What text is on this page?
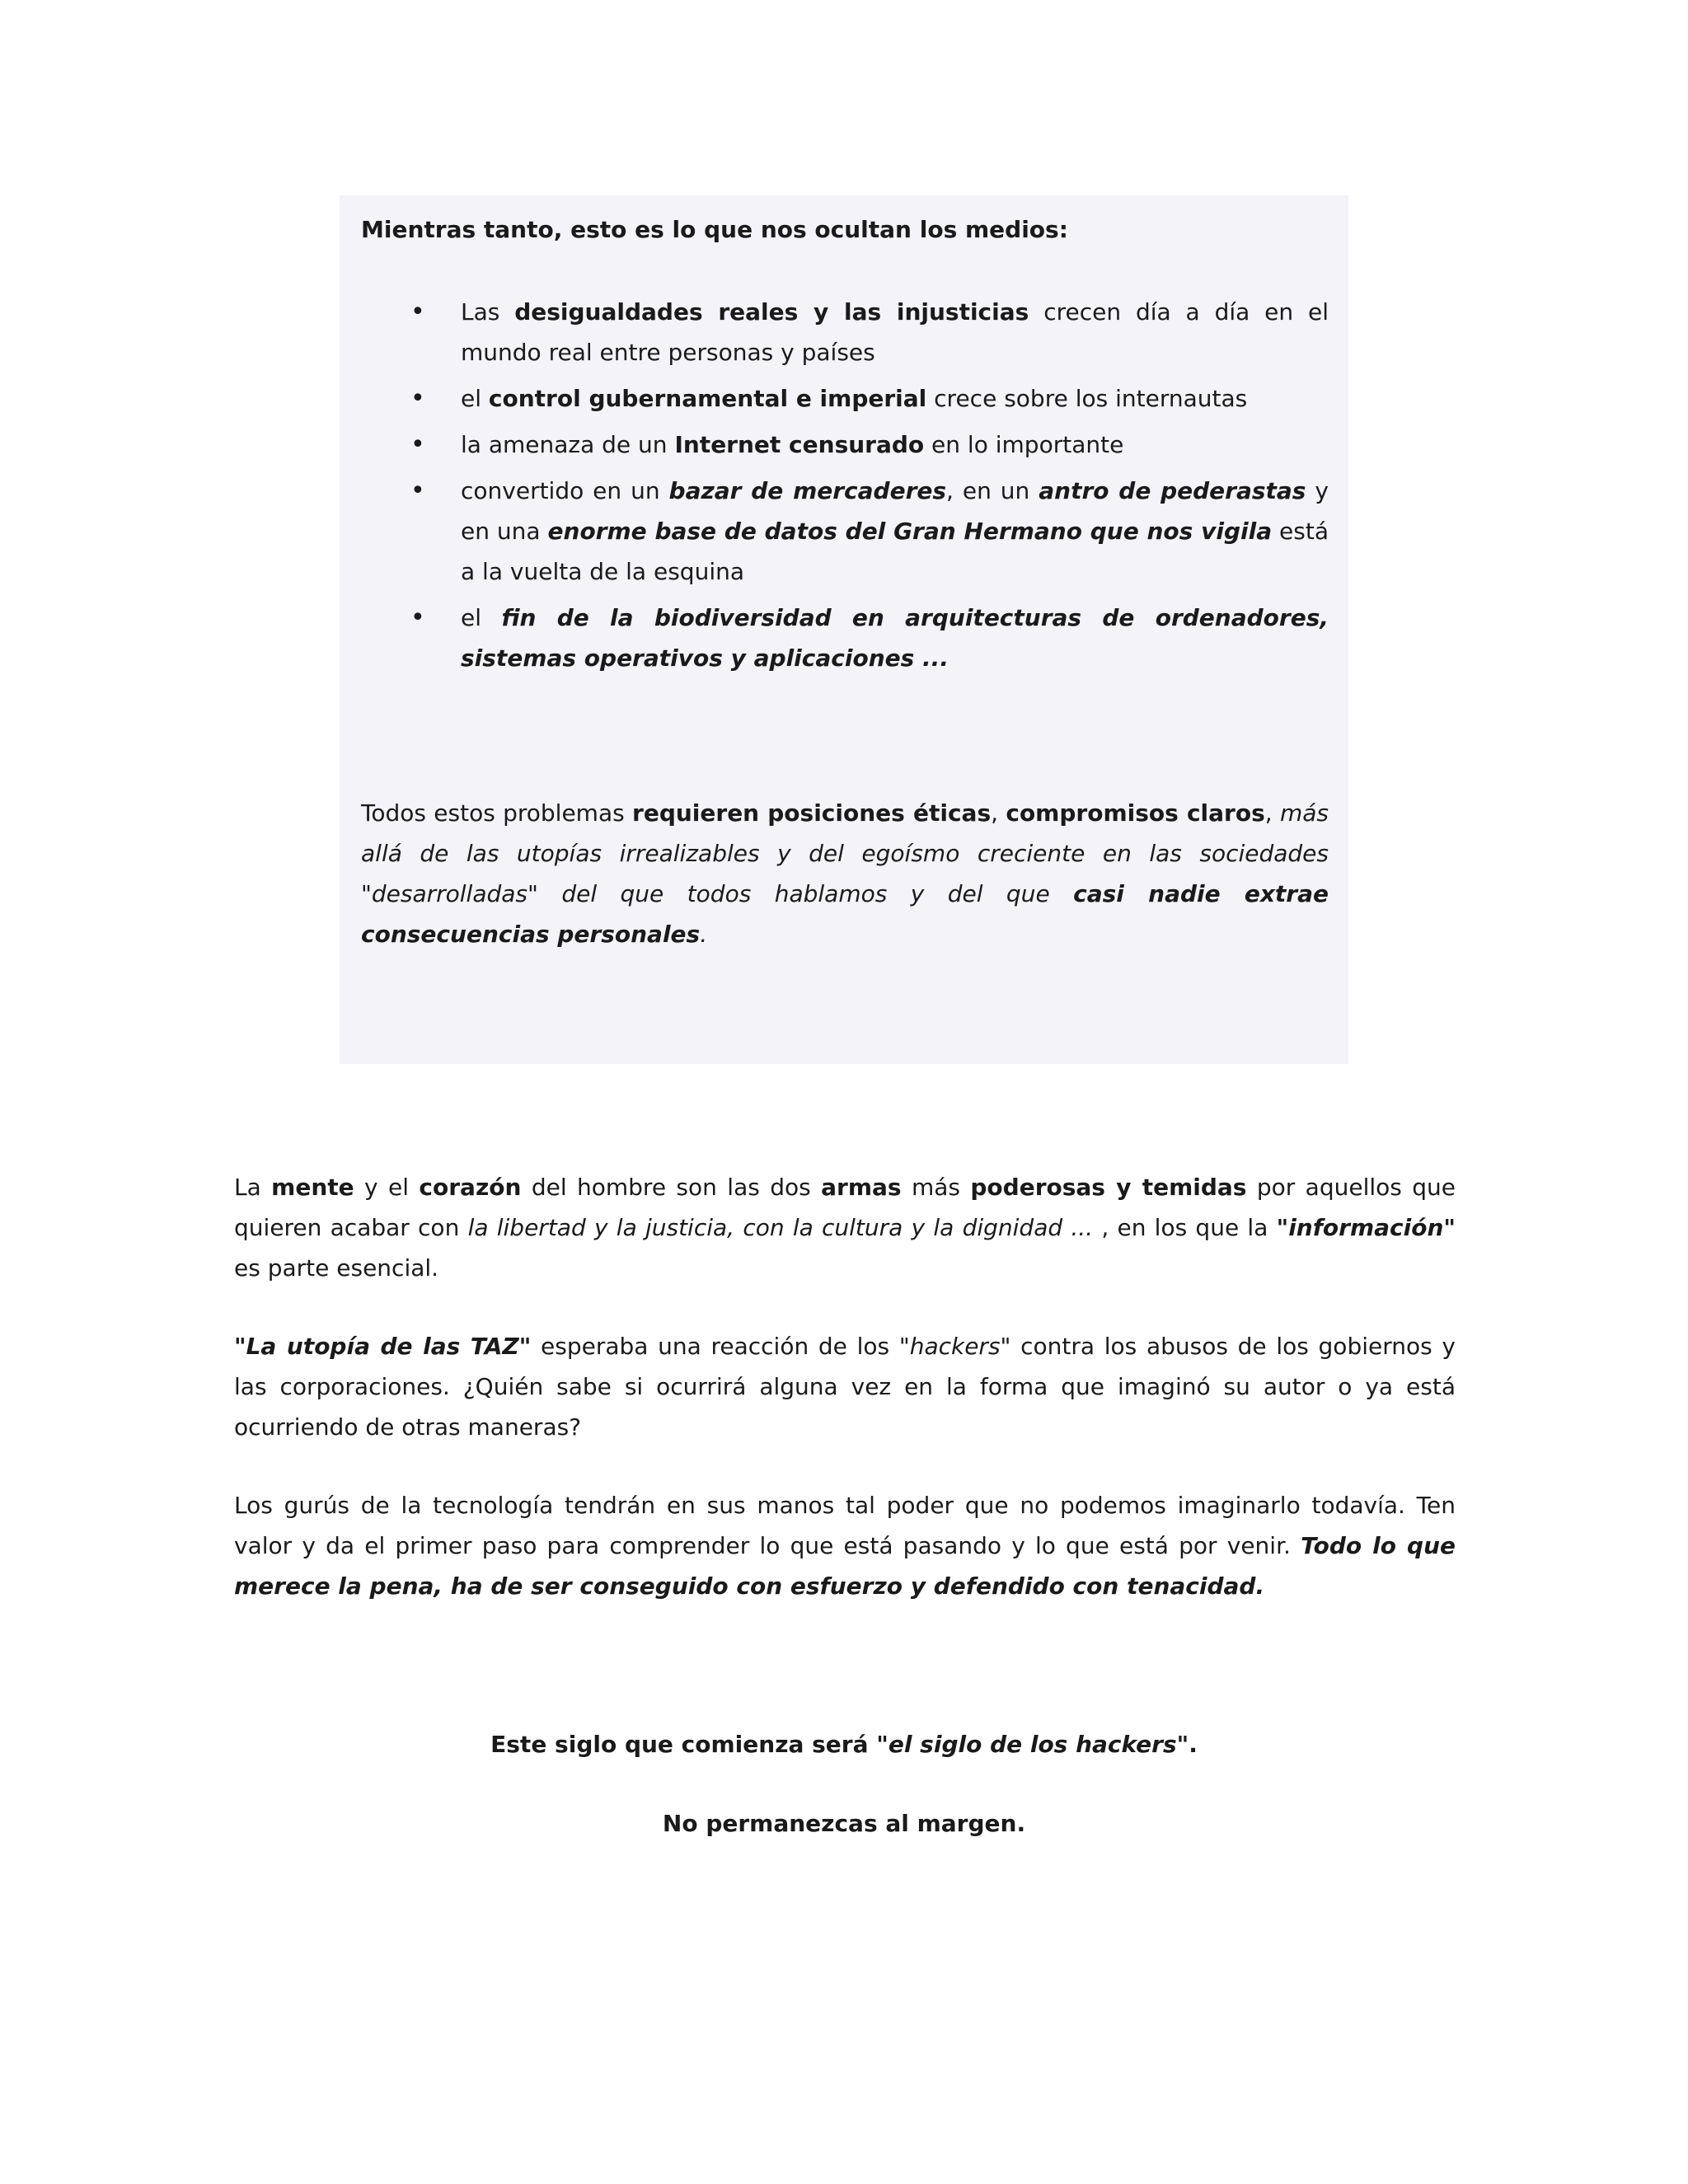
Mientras tanto, esto es lo que nos ocultan los medios:

• Las desigualdades reales y las injusticias crecen día a día en el mundo real entre personas y países
• el control gubernamental e imperial crece sobre los internautas
• la amenaza de un Internet censurado en lo importante
• convertido en un bazar de mercaderes, en un antro de pederastas y en una enorme base de datos del Gran Hermano que nos vigila está a la vuelta de la esquina
• el fin de la biodiversidad en arquitecturas de ordenadores, sistemas operativos y aplicaciones ...

Todos estos problemas requieren posiciones éticas, compromisos claros, más allá de las utopías irrealizables y del egoísmo creciente en las sociedades "desarrolladas" del que todos hablamos y del que casi nadie extrae consecuencias personales.

La mente y el corazón del hombre son las dos armas más poderosas y temidas por aquellos que quieren acabar con la libertad y la justicia, con la cultura y la dignidad ... , en los que la "información" es parte esencial.

"La utopía de las TAZ" esperaba una reacción de los "hackers" contra los abusos de los gobiernos y las corporaciones. ¿Quién sabe si ocurrirá alguna vez en la forma que imaginó su autor o ya está ocurriendo de otras maneras?

Los gurús de la tecnología tendrán en sus manos tal poder que no podemos imaginarlo todavía. Ten valor y da el primer paso para comprender lo que está pasando y lo que está por venir. Todo lo que merece la pena, ha de ser conseguido con esfuerzo y defendido con tenacidad.

Este siglo que comienza será "el siglo de los hackers".

No permanezcas al margen.
